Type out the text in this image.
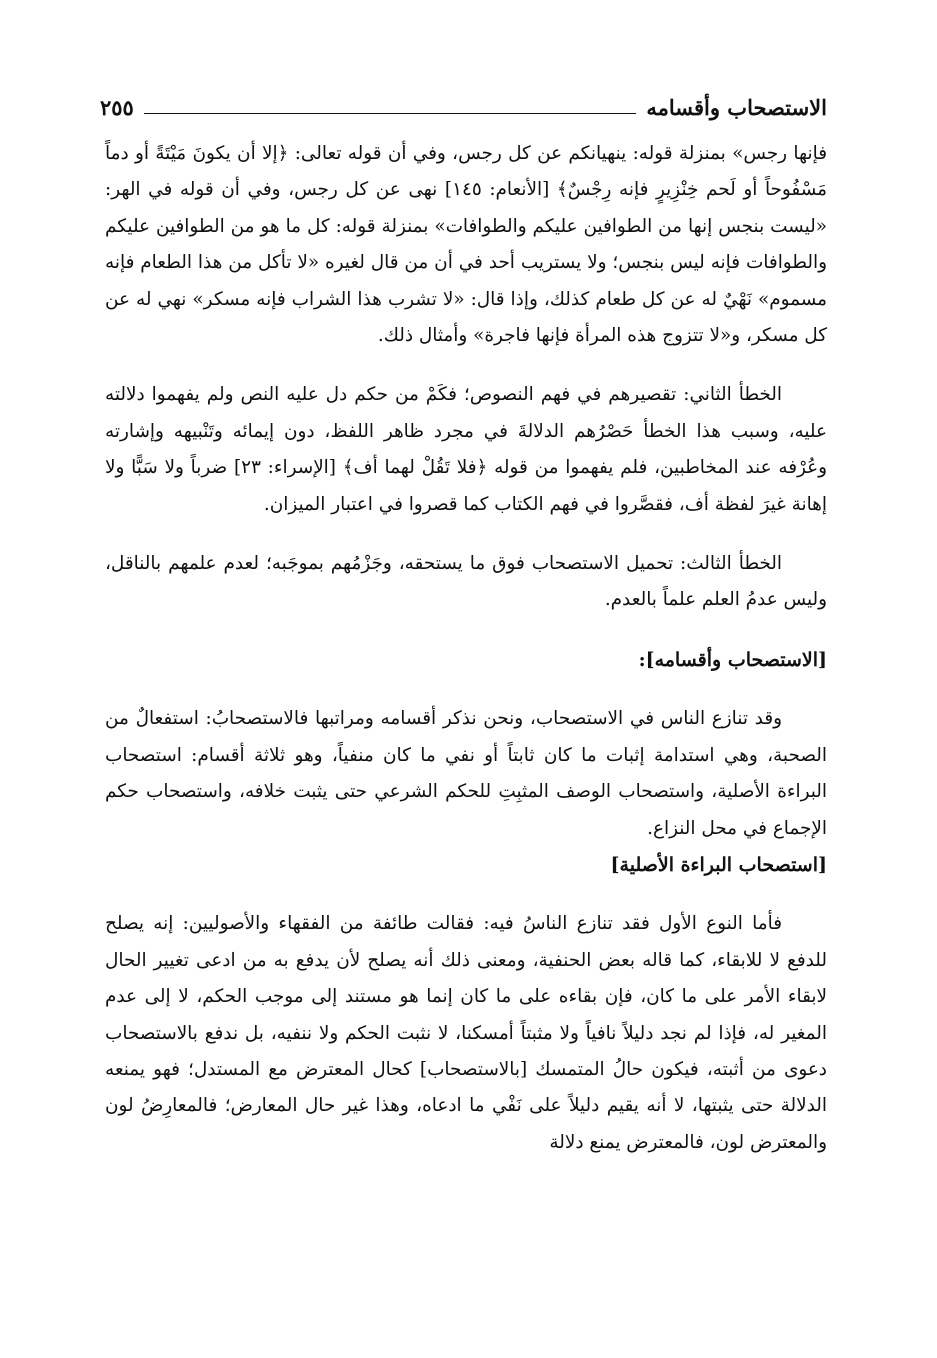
الاستصحاب وأقسامه
٢٥٥

فإنها رجس» بمنزلة قوله: ينهيانكم عن كل رجس، وفي أن قوله تعالى: ﴿إلا أن يكونَ مَيْتَةً أو دماً مَسْفُوحاً أو لَحم خِنْزِيرٍ فإنه رِجْسٌ﴾ [الأنعام: ١٤٥] نهى عن كل رجس، وفي أن قوله في الهر: «ليست بنجس إنها من الطوافين عليكم والطوافات» بمنزلة قوله: كل ما هو من الطوافين عليكم والطوافات فإنه ليس بنجس؛ ولا يستريب أحد في أن من قال لغيره «لا تأكل من هذا الطعام فإنه مسموم» نَهْيٌ له عن كل طعام كذلك، وإذا قال: «لا تشرب هذا الشراب فإنه مسكر» نهي له عن كل مسكر، و«لا تتزوج هذه المرأة فإنها فاجرة» وأمثال ذلك.

الخطأ الثاني: تقصيرهم في فهم النصوص؛ فكَمْ من حكم دل عليه النص ولم يفهموا دلالته عليه، وسبب هذا الخطأ حَصْرُهم الدلالةَ في مجرد ظاهر اللفظ، دون إيمائه وتَنْبيهه وإشارته وعُرْفه عند المخاطبين، فلم يفهموا من قوله ﴿فلا تَقُلْ لهما أف﴾ [الإسراء: ٢٣] ضرباً ولا سَبًّا ولا إهانة غيرَ لفظة أف، فقصَّروا في فهم الكتاب كما قصروا في اعتبار الميزان.

الخطأ الثالث: تحميل الاستصحاب فوق ما يستحقه، وجَزْمُهم بموجَبه؛ لعدم علمهم بالناقل، وليس عدمُ العلم علماً بالعدم.

[الاستصحاب وأقسامه]:

وقد تنازع الناس في الاستصحاب، ونحن نذكر أقسامه ومراتبها فالاستصحابُ: استفعالٌ من الصحبة، وهي استدامة إثبات ما كان ثابتاً أو نفي ما كان منفياً، وهو ثلاثة أقسام: استصحاب البراءة الأصلية، واستصحاب الوصف المثبِتِ للحكم الشرعي حتى يثبت خلافه، واستصحاب حكم الإجماع في محل النزاع.

[استصحاب البراءة الأصلية]

فأما النوع الأول فقد تنازع الناسُ فيه: فقالت طائفة من الفقهاء والأصوليين: إنه يصلح للدفع لا للابقاء، كما قاله بعض الحنفية، ومعنى ذلك أنه يصلح لأن يدفع به من ادعى تغيير الحال لابقاء الأمر على ما كان، فإن بقاءه على ما كان إنما هو مستند إلى موجب الحكم، لا إلى عدم المغير له، فإذا لم نجد دليلاً نافياً ولا مثبتاً أمسكنا، لا نثبت الحكم ولا ننفيه، بل ندفع بالاستصحاب دعوى من أثبته، فيكون حالُ المتمسك [بالاستصحاب] كحال المعترض مع المستدل؛ فهو يمنعه الدلالة حتى يثبتها، لا أنه يقيم دليلاً على نَفْي ما ادعاه، وهذا غير حال المعارض؛ فالمعارِضُ لون والمعترض لون، فالمعترض يمنع دلالة
